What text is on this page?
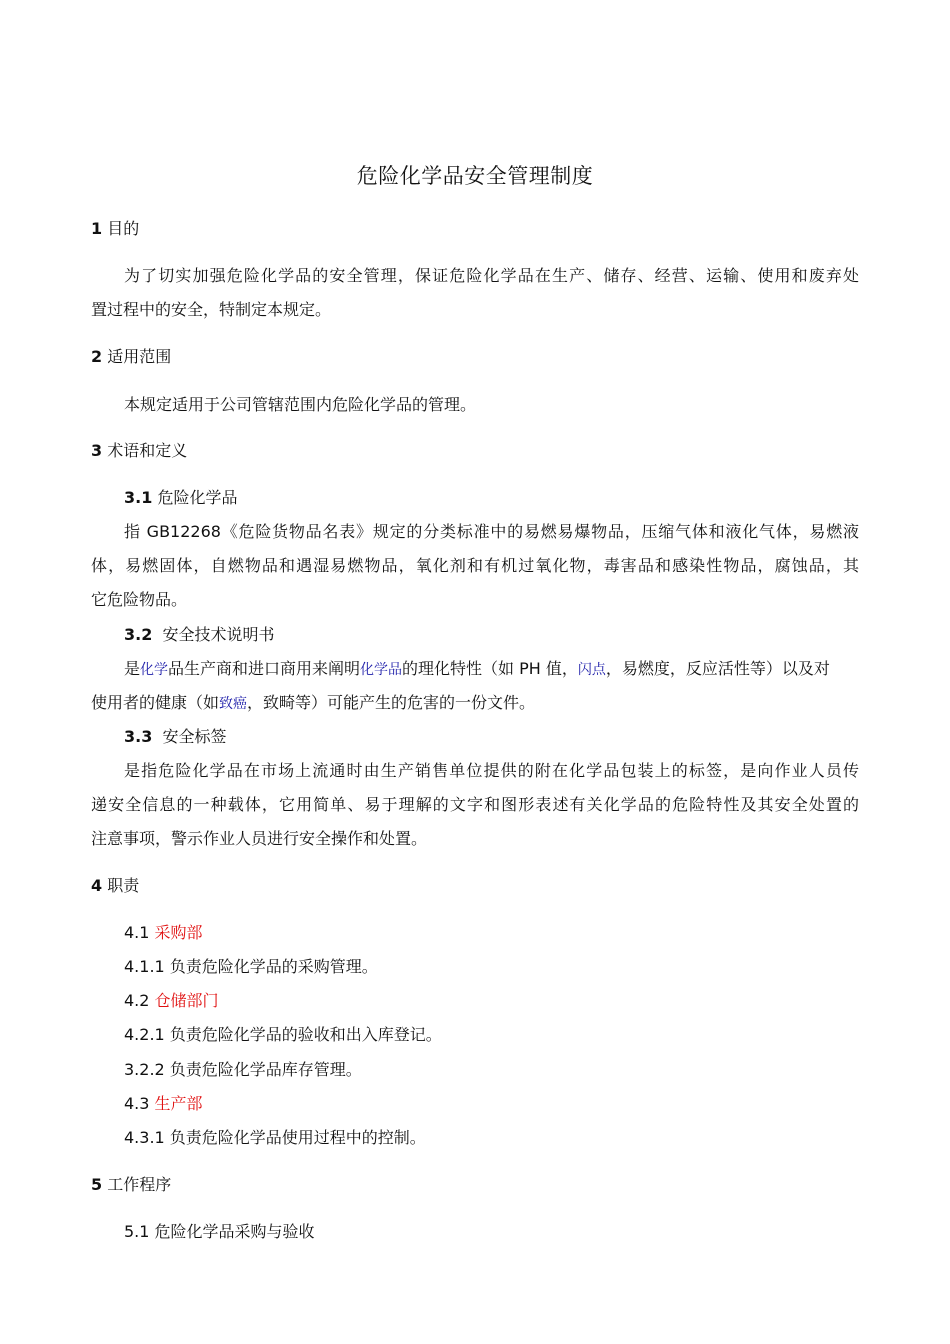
危险化学品安全管理制度
1 目的
为了切实加强危险化学品的安全管理，保证危险化学品在生产、储存、经营、运输、使用和废弃处
置过程中的安全，特制定本规定。
2 适用范围
本规定适用于公司管辖范围内危险化学品的管理。
3 术语和定义
3.1 危险化学品
指 GB12268《危险货物品名表》规定的分类标准中的易燃易爆物品，压缩气体和液化气体，易燃液
体，易燃固体，自燃物品和遇湿易燃物品，氧化剂和有机过氧化物，毒害品和感染性物品，腐蚀品，其
它危险物品。
3.2 安全技术说明书
是化学品生产商和进口商用来阐明化学品的理化特性（如 PH 值，闪点，易燃度，反应活性等）以及对
使用者的健康（如致癌，致畸等）可能产生的危害的一份文件。
3.3 安全标签
是指危险化学品在市场上流通时由生产销售单位提供的附在化学品包装上的标签，是向作业人员传
递安全信息的一种载体，它用简单、易于理解的文字和图形表述有关化学品的危险特性及其安全处置的
注意事项，警示作业人员进行安全操作和处置。
4 职责
4.1 采购部
4.1.1 负责危险化学品的采购管理。
4.2 仓储部门
4.2.1 负责危险化学品的验收和出入库登记。
3.2.2 负责危险化学品库存管理。
4.3 生产部
4.3.1 负责危险化学品使用过程中的控制。
5 工作程序
5.1 危险化学品采购与验收
